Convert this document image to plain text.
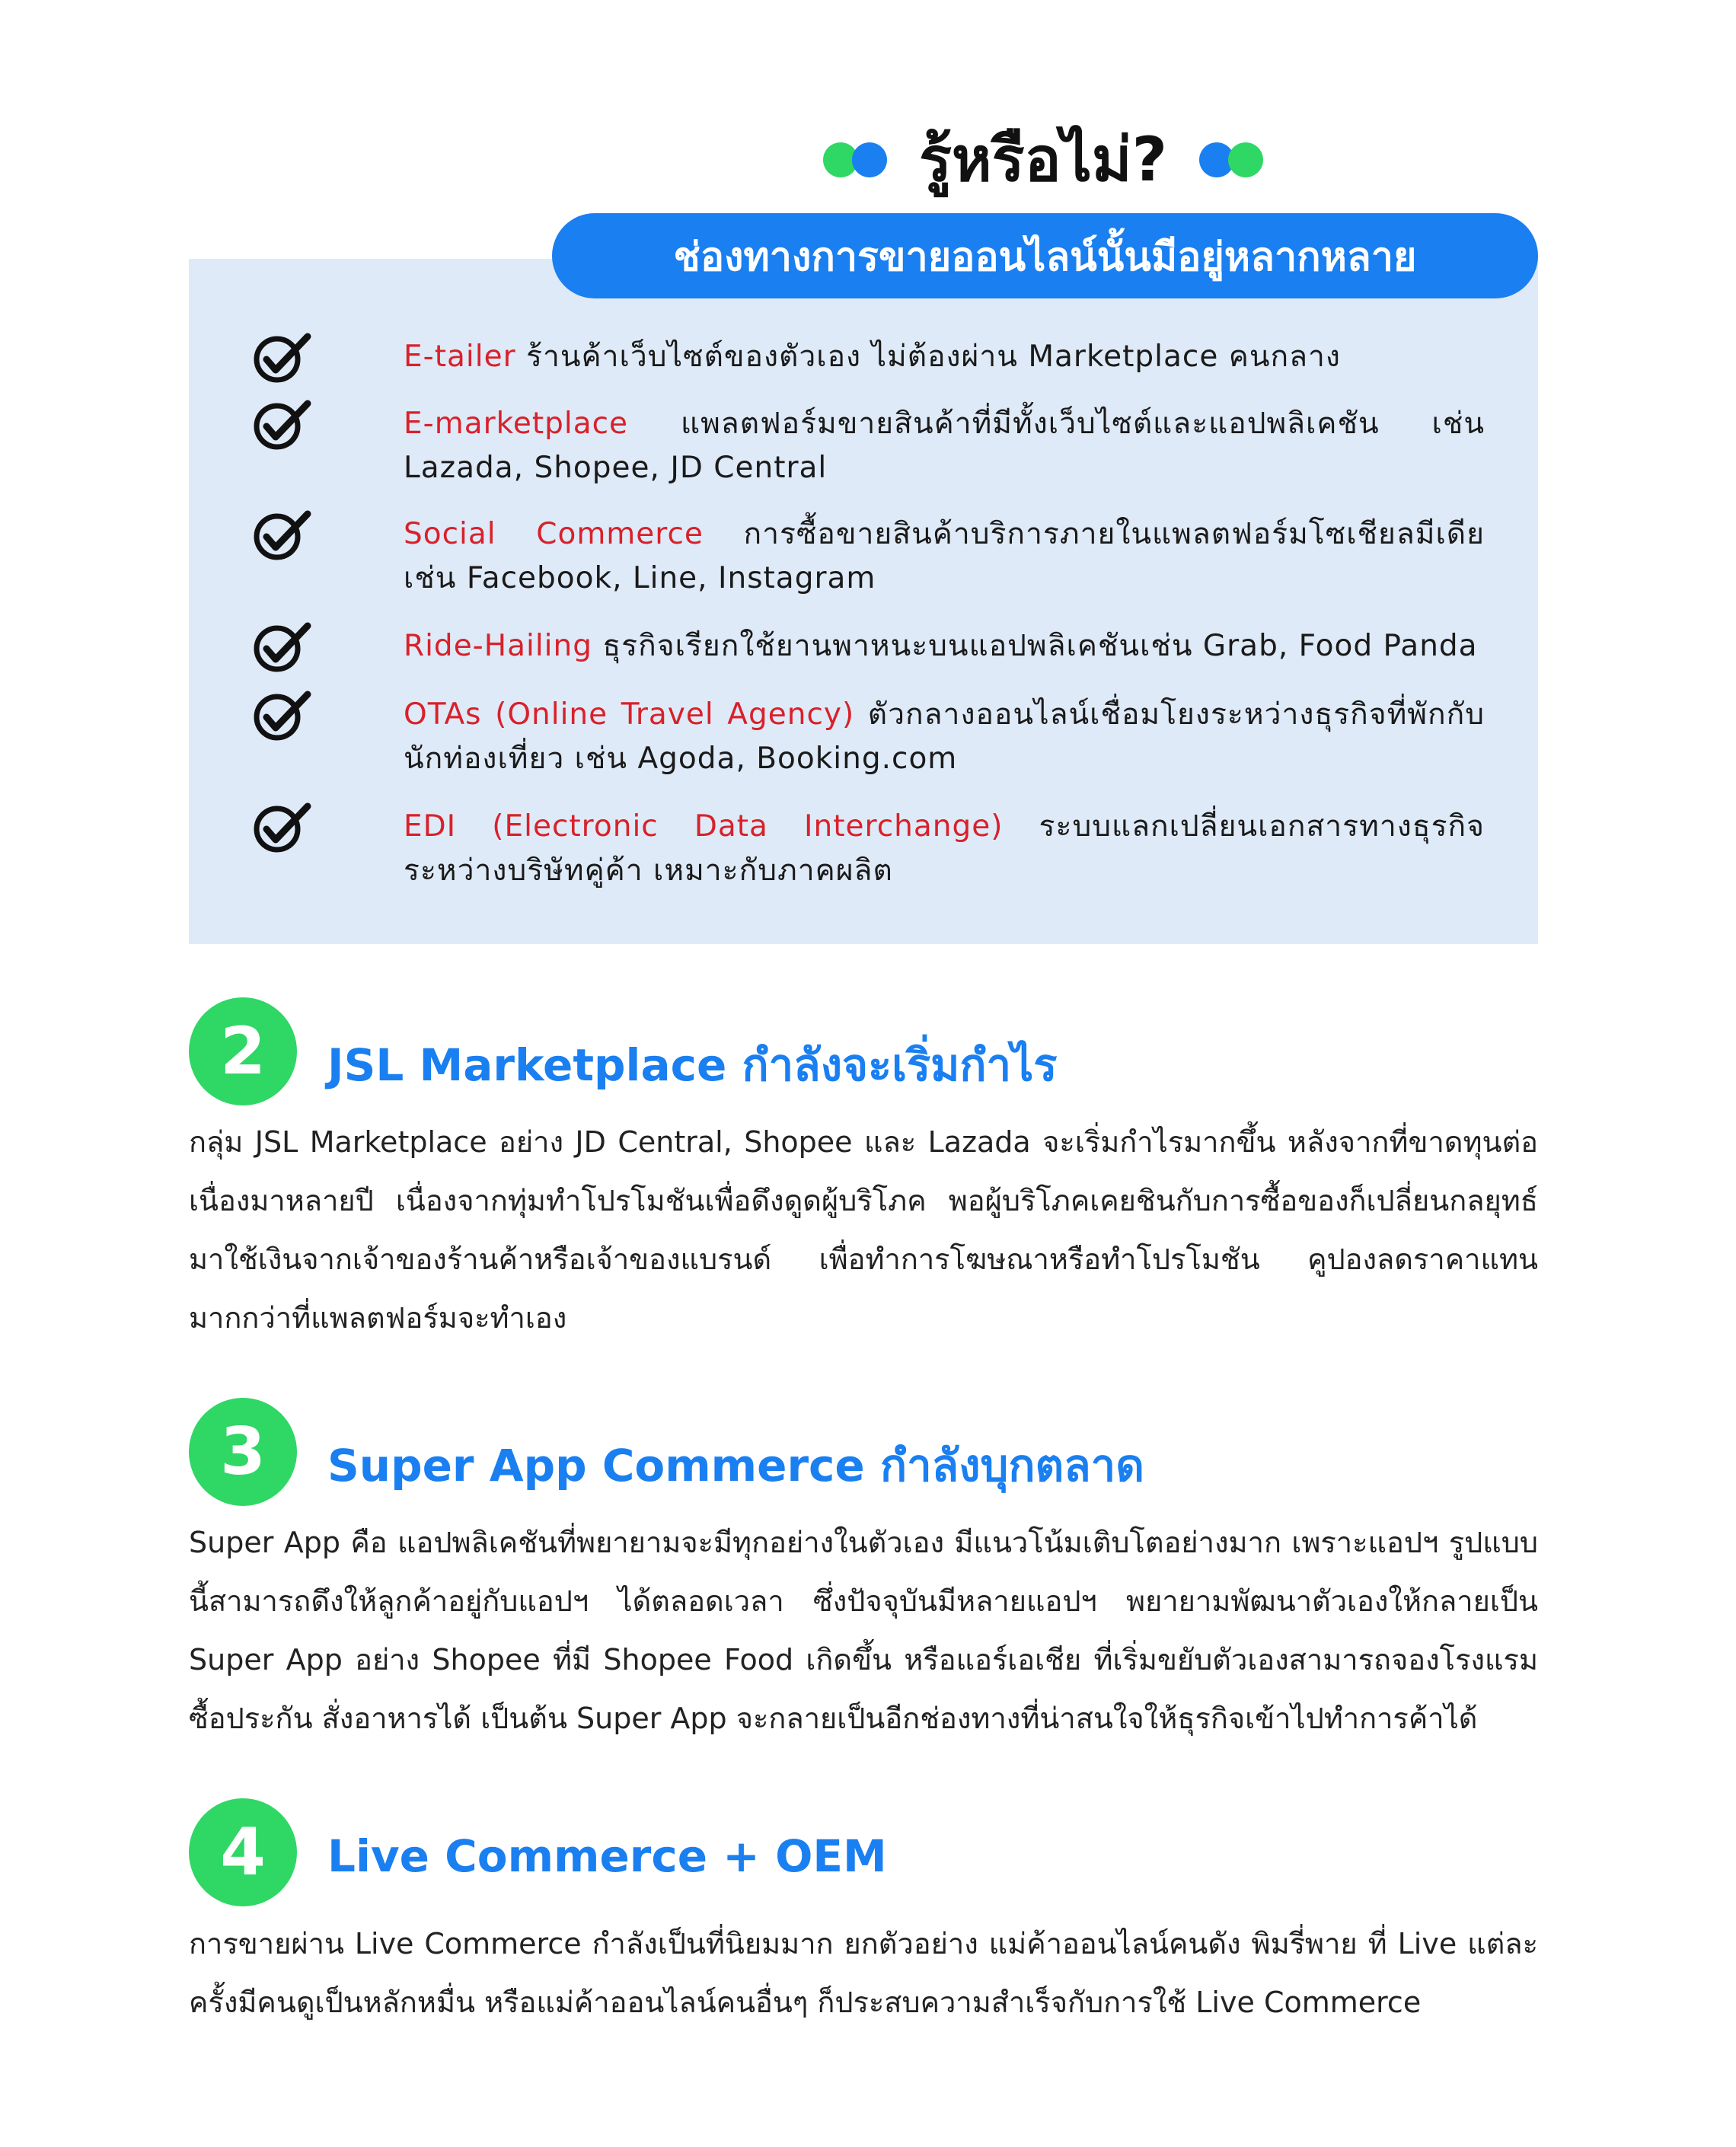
รู้หรือไม่?
ช่องทางการขายออนไลน์นั้นมีอยู่หลากหลาย
E-tailer ร้านค้าเว็บไซต์ของตัวเอง ไม่ต้องผ่าน Marketplace คนกลาง
E-marketplace แพลตฟอร์มขายสินค้าที่มีทั้งเว็บไซต์และแอปพลิเคชัน เช่น Lazada, Shopee, JD Central
Social Commerce การซื้อขายสินค้าบริการภายในแพลตฟอร์มโซเชียลมีเดีย เช่น Facebook, Line, Instagram
Ride-Hailing ธุรกิจเรียกใช้ยานพาหนะบนแอปพลิเคชันเช่น Grab, Food Panda
OTAs (Online Travel Agency) ตัวกลางออนไลน์เชื่อมโยงระหว่างธุรกิจที่พักกับนักท่องเที่ยว เช่น Agoda, Booking.com
EDI (Electronic Data Interchange) ระบบแลกเปลี่ยนเอกสารทางธุรกิจระหว่างบริษัทคู่ค้า เหมาะกับภาคผลิต
2	JSL Marketplace กำลังจะเริ่มกำไร
กลุ่ม JSL Marketplace อย่าง JD Central, Shopee และ Lazada จะเริ่มกำไรมากขึ้น หลังจากที่ขาดทุนต่อเนื่องมาหลายปี เนื่องจากทุ่มทำโปรโมชันเพื่อดึงดูดผู้บริโภค พอผู้บริโภคเคยชินกับการซื้อของก็เปลี่ยนกลยุทธ์มาใช้เงินจากเจ้าของร้านค้าหรือเจ้าของแบรนด์ เพื่อทำการโฆษณาหรือทำโปรโมชัน คูปองลดราคาแทน มากกว่าที่แพลตฟอร์มจะทำเอง
3	Super App Commerce กำลังบุกตลาด
Super App คือ แอปพลิเคชันที่พยายามจะมีทุกอย่างในตัวเอง มีแนวโน้มเติบโตอย่างมาก เพราะแอปฯ รูปแบบนี้สามารถดึงให้ลูกค้าอยู่กับแอปฯ ได้ตลอดเวลา ซึ่งปัจจุบันมีหลายแอปฯ พยายามพัฒนาตัวเองให้กลายเป็น Super App อย่าง Shopee ที่มี Shopee Food เกิดขึ้น หรือแอร์เอเชีย ที่เริ่มขยับตัวเองสามารถจองโรงแรม ซื้อประกัน สั่งอาหารได้ เป็นต้น Super App จะกลายเป็นอีกช่องทางที่น่าสนใจให้ธุรกิจเข้าไปทำการค้าได้
4	Live Commerce + OEM
การขายผ่าน Live Commerce กำลังเป็นที่นิยมมาก ยกตัวอย่าง แม่ค้าออนไลน์คนดัง พิมรี่พาย ที่ Live แต่ละครั้งมีคนดูเป็นหลักหมื่น หรือแม่ค้าออนไลน์คนอื่นๆ ก็ประสบความสำเร็จกับการใช้ Live Commerce
